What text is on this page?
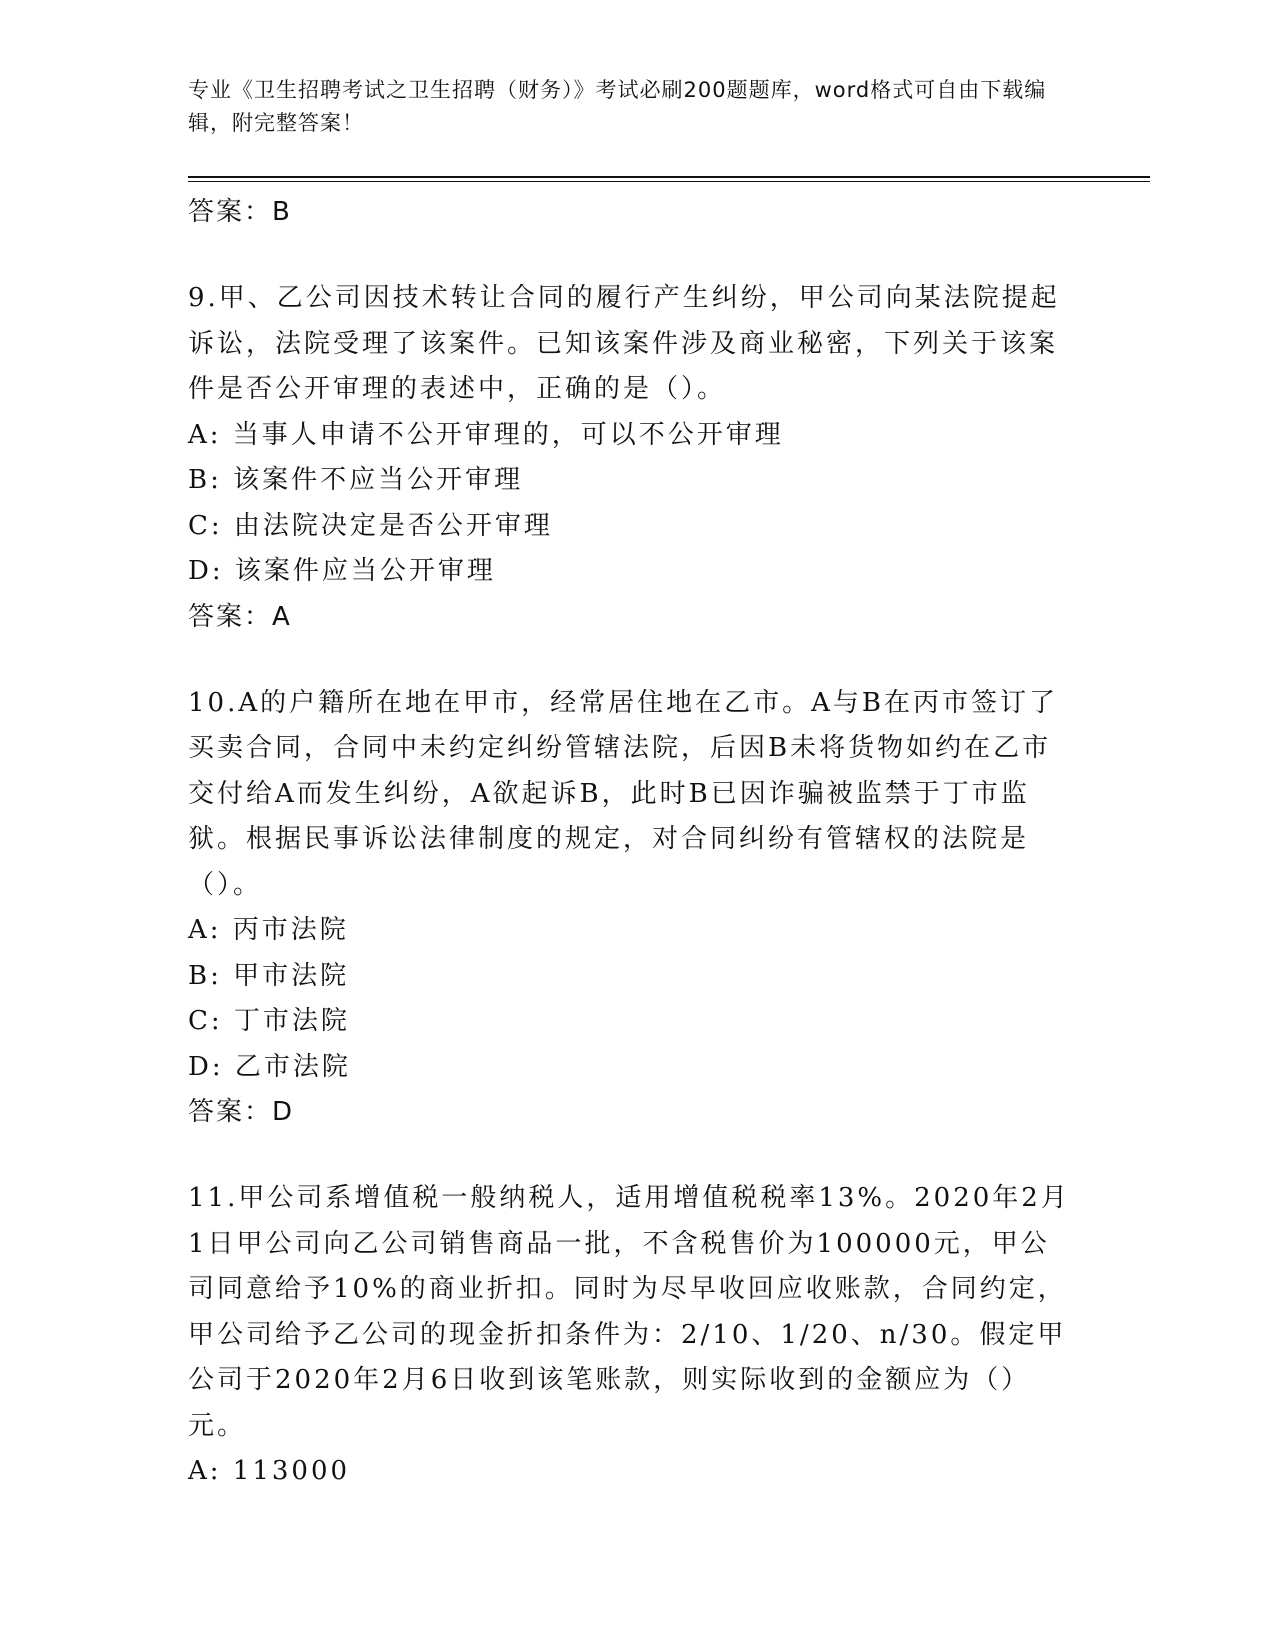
专业《卫生招聘考试之卫生招聘（财务）》考试必刷200题题库，word格式可自由下载编辑，附完整答案！
答案：B
9.甲、乙公司因技术转让合同的履行产生纠纷，甲公司向某法院提起诉讼，法院受理了该案件。已知该案件涉及商业秘密，下列关于该案件是否公开审理的表述中，正确的是（）。
A: 当事人申请不公开审理的，可以不公开审理
B: 该案件不应当公开审理
C: 由法院决定是否公开审理
D: 该案件应当公开审理
答案：A
10.A的户籍所在地在甲市，经常居住地在乙市。A与B在丙市签订了买卖合同，合同中未约定纠纷管辖法院，后因B未将货物如约在乙市交付给A而发生纠纷，A欲起诉B，此时B已因诈骗被监禁于丁市监狱。根据民事诉讼法律制度的规定，对合同纠纷有管辖权的法院是（）。
A: 丙市法院
B: 甲市法院
C: 丁市法院
D: 乙市法院
答案：D
11.甲公司系增值税一般纳税人，适用增值税税率13%。2020年2月1日甲公司向乙公司销售商品一批，不含税售价为100000元，甲公司同意给予10%的商业折扣。同时为尽早收回应收账款，合同约定，甲公司给予乙公司的现金折扣条件为：2/10、1/20、n/30。假定甲公司于2020年2月6日收到该笔账款，则实际收到的金额应为（）元。
A: 113000
